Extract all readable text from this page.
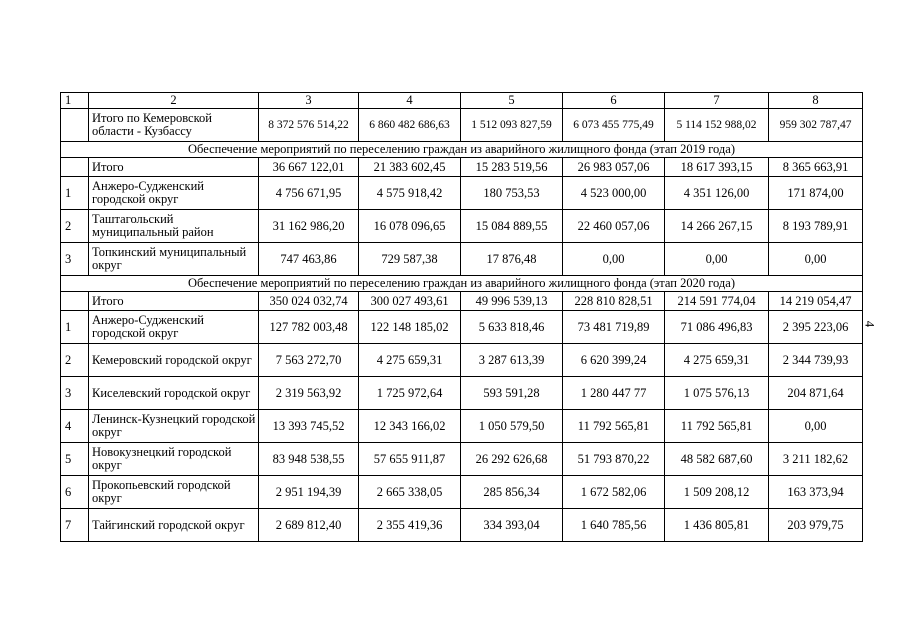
1	2	3	4	5	6	7	8
	Итого по Кемеровской области - Кузбассу	8 372 576 514,22	6 860 482 686,63	1 512 093 827,59	6 073 455 775,49	5 114 152 988,02	959 302 787,47
Обеспечение мероприятий по переселению граждан из аварийного жилищного фонда (этап 2019 года)							
	Итого	36 667 122,01	21 383 602,45	15 283 519,56	26 983 057,06	18 617 393,15	8 365 663,91
1	Анжеро-Судженский городской округ	4 756 671,95	4 575 918,42	180 753,53	4 523 000,00	4 351 126,00	171 874,00
2	Таштагольский муниципальный район	31 162 986,20	16 078 096,65	15 084 889,55	22 460 057,06	14 266 267,15	8 193 789,91
3	Топкинский муниципальный округ	747 463,86	729 587,38	17 876,48	0,00	0,00	0,00
Обеспечение мероприятий по переселению граждан из аварийного жилищного фонда (этап 2020 года)							
	Итого	350 024 032,74	300 027 493,61	49 996 539,13	228 810 828,51	214 591 774,04	14 219 054,47
1	Анжеро-Судженский городской округ	127 782 003,48	122 148 185,02	5 633 818,46	73 481 719,89	71 086 496,83	2 395 223,06
2	Кемеровский городской округ	7 563 272,70	4 275 659,31	3 287 613,39	6 620 399,24	4 275 659,31	2 344 739,93
3	Киселевский городской округ	2 319 563,92	1 725 972,64	593 591,28	1 280 447 77	1 075 576,13	204 871,64
4	Ленинск-Кузнецкий городской округ	13 393 745,52	12 343 166,02	1 050 579,50	11 792 565,81	11 792 565,81	0,00
5	Новокузнецкий городской округ	83 948 538,55	57 655 911,87	26 292 626,68	51 793 870,22	48 582 687,60	3 211 182,62
6	Прокопьевский городской округ	2 951 194,39	2 665 338,05	285 856,34	1 672 582,06	1 509 208,12	163 373,94
7	Тайгинский городской округ	2 689 812,40	2 355 419,36	334 393,04	1 640 785,56	1 436 805,81	203 979,75
4
